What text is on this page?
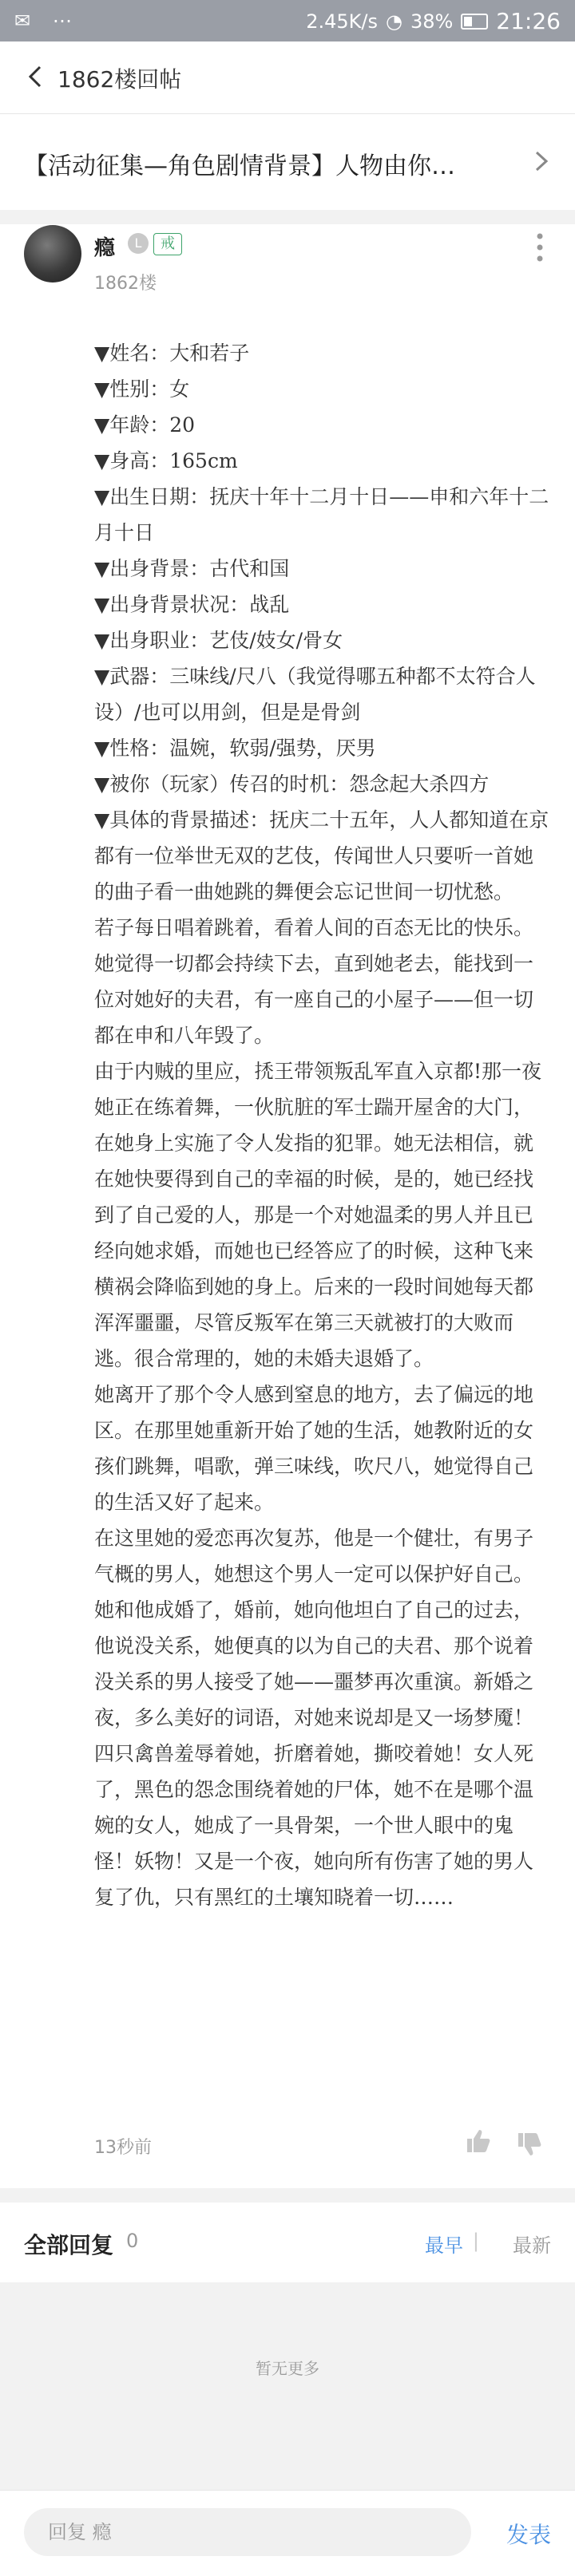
✉ ⋯	2.45K/s ◔ 38% 21:26
1862楼回帖
【活动征集—角色剧情背景】人物由你…
瘾	L	戒
1862楼

▼姓名：大和若子

▼性别：女

▼年龄：20

▼身高：165cm

▼出生日期：抚庆十年十二月十日——申和六年十二月十日

▼出身背景：古代和国

▼出身背景状况：战乱

▼出身职业：艺伎/妓女/骨女

▼武器：三味线/尺八（我觉得哪五种都不太符合人设）/也可以用剑，但是是骨剑

▼性格：温婉，软弱/强势，厌男

▼被你（玩家）传召的时机：怨念起大杀四方

▼具体的背景描述：抚庆二十五年，人人都知道在京都有一位举世无双的艺伎，传闻世人只要听一首她的曲子看一曲她跳的舞便会忘记世间一切忧愁。

若子每日唱着跳着，看着人间的百态无比的快乐。她觉得一切都会持续下去，直到她老去，能找到一位对她好的夫君，有一座自己的小屋子——但一切都在申和八年毁了。

由于内贼的里应，𢬳王带领叛乱军直入京都!那一夜她正在练着舞，一伙肮脏的军士踹开屋舍的大门，在她身上实施了令人发指的犯罪。她无法相信，就在她快要得到自己的幸福的时候，是的，她已经找到了自己爱的人，那是一个对她温柔的男人并且已经向她求婚，而她也已经答应了的时候，这种飞来横祸会降临到她的身上。后来的一段时间她每天都浑浑噩噩，尽管反叛军在第三天就被打的大败而逃。很合常理的，她的未婚夫退婚了。

她离开了那个令人感到窒息的地方，去了偏远的地区。在那里她重新开始了她的生活，她教附近的女孩们跳舞，唱歌，弹三味线，吹尺八，她觉得自己的生活又好了起来。

在这里她的爱恋再次复苏，他是一个健壮，有男子气概的男人，她想这个男人一定可以保护好自己。她和他成婚了，婚前，她向他坦白了自己的过去，他说没关系，她便真的以为自己的夫君、那个说着没关系的男人接受了她——噩梦再次重演。新婚之夜，多么美好的词语，对她来说却是又一场梦魇！四只禽兽羞辱着她，折磨着她，撕咬着她！女人死了，黑色的怨念围绕着她的尸体，她不在是哪个温婉的女人，她成了一具骨架，一个世人眼中的鬼怪！妖物！又是一个夜，她向所有伤害了她的男人复了仇，只有黑红的土壤知晓着一切……

13秒前
全部回复 0	最早 | 最新
暂无更多
回复 瘾
发表
